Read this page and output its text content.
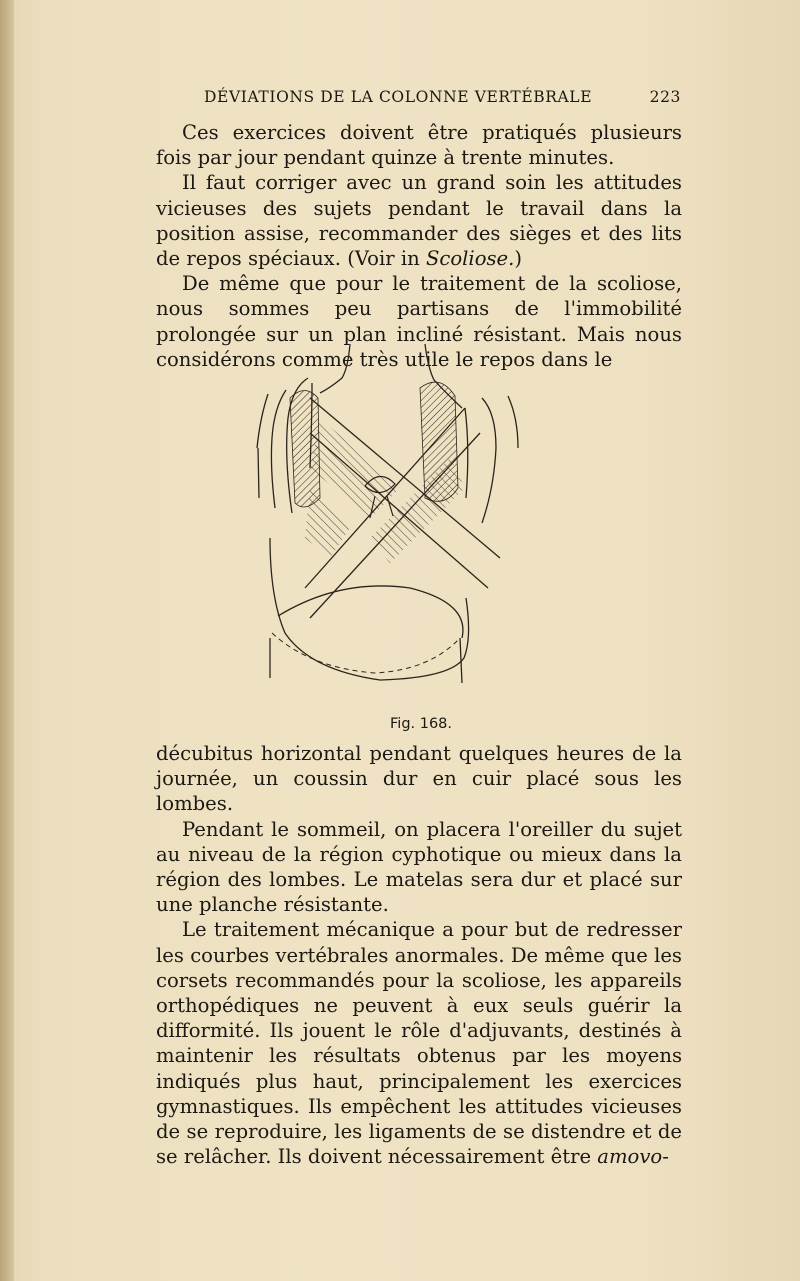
DÉVIATIONS DE LA COLONNE VERTÉBRALE	223

Ces exercices doivent être pratiqués plusieurs fois par jour pendant quinze à trente minutes.

Il faut corriger avec un grand soin les attitudes vicieuses des sujets pendant le travail dans la position assise, recommander des sièges et des lits de repos spéciaux. (Voir in Scoliose.)

De même que pour le traitement de la scoliose, nous sommes peu partisans de l'immobilité prolongée sur un plan incliné résistant. Mais nous considérons comme très utile le repos dans le

Fig. 168.

décubitus horizontal pendant quelques heures de la journée, un coussin dur en cuir placé sous les lombes.

Pendant le sommeil, on placera l'oreiller du sujet au niveau de la région cyphotique ou mieux dans la région des lombes. Le matelas sera dur et placé sur une planche résistante.

Le traitement mécanique a pour but de redresser les courbes vertébrales anormales. De même que les corsets recommandés pour la scoliose, les appareils orthopédiques ne peuvent à eux seuls guérir la difformité. Ils jouent le rôle d'adjuvants, destinés à maintenir les résultats obtenus par les moyens indiqués plus haut, principalement les exercices gymnastiques. Ils empêchent les attitudes vicieuses de se reproduire, les ligaments de se distendre et de se relâcher. Ils doivent nécessairement être amovo-
